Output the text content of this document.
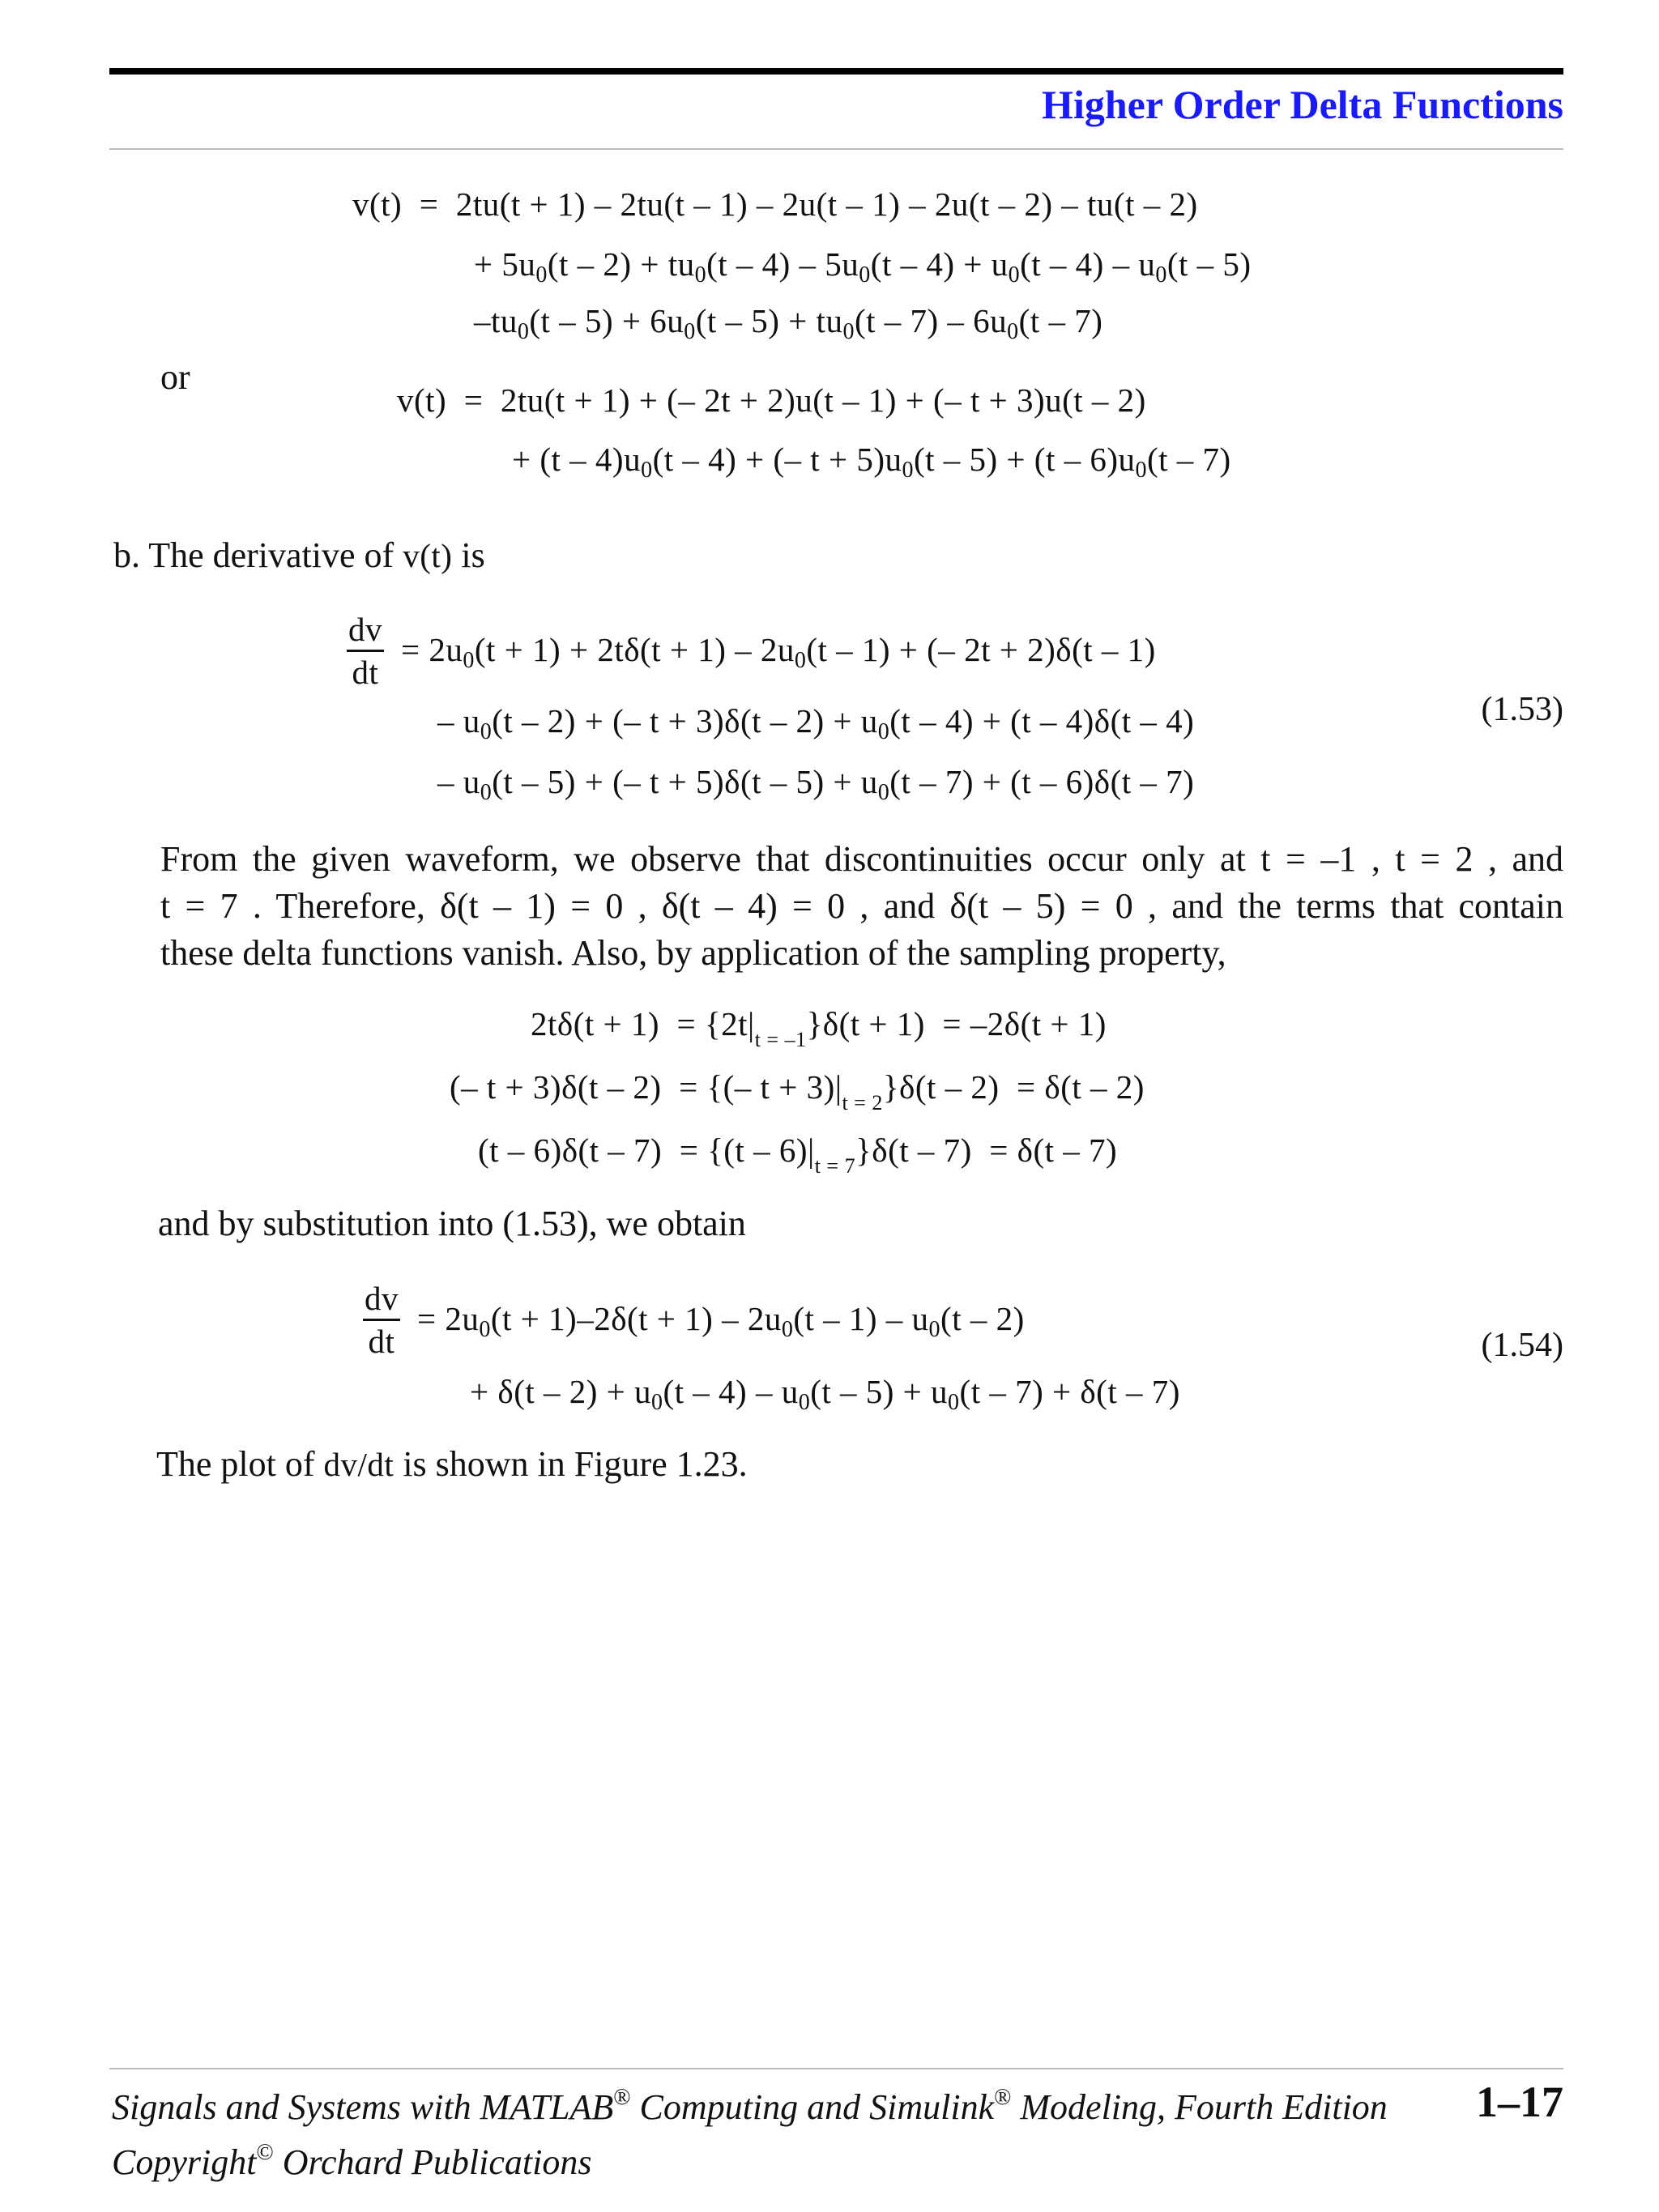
Higher Order Delta Functions
v(t)  =  2tu(t + 1) – 2tu(t – 1) – 2u(t – 1) – 2u(t – 2) – tu(t – 2)
+ $5u_0(t - 2) + tu_0(t - 4) - 5u_0(t - 4) + u_0(t - 4) - u_0(t - 5)$
$-tu_0(t - 5) + 6u_0(t - 5) + tu_0(t - 7) - 6u_0(t - 7)$
or
v(t)  =  2tu(t + 1) + (– 2t + 2)u(t – 1) + (– t + 3)u(t – 2)
+ $(t - 4)u_0(t - 4)$ + (– $t + 5)u_0(t - 5) + (t - 6)u_0(t - 7)$
b. The derivative of v(t) is
$\frac{dv}{dt} = 2u_0(t + 1) + 2t\delta(t + 1) - 2u_0(t - 1)$ + (– 2t + 2)δ(t – 1)
– $u_0(t - 2)$ + (– $t + 3)\delta(t - 2) + u_0(t - 4) + (t - 4)\delta(t - 4)$
– $u_0(t - 5)$ + (– $t + 5)\delta(t - 5) + u_0(t - 7) + (t - 6)\delta(t - 7)$
(1.53)

From the given waveform, we observe that discontinuities occur only at t = –1 , t = 2 , and

t = 7 . Therefore, δ(t – 1) = 0 , δ(t – 4) = 0 , and δ(t – 5) = 0 , and the terms that contain

these delta functions vanish. Also, by application of the sampling property,

$2t\delta(t + 1) = \{2t|_{t = -1}\}\delta(t + 1) = -2\delta(t + 1)$
(– t + 3)δ(t – 2) = {(– $t + 3)|_{t = 2}\}\delta(t - 2) = \delta(t - 2)$
$(t - 6)\delta(t - 7) = \{(t - 6)|_{t = 7}\}\delta(t - 7) = \delta(t - 7)$
and by substitution into (1.53), we obtain
$\frac{dv}{dt} = 2u_0(t + 1)-2\delta(t + 1) - 2u_0(t - 1) - u_0(t - 2)$
+ $\delta(t - 2) + u_0(t - 4) - u_0(t - 5) + u_0(t - 7) + \delta(t - 7)$
(1.54)
The plot of dv/dt is shown in Figure 1.23.
Signals and Systems with MATLAB® Computing and Simulink® Modeling, Fourth Edition 1–17
Copyright© Orchard Publications
